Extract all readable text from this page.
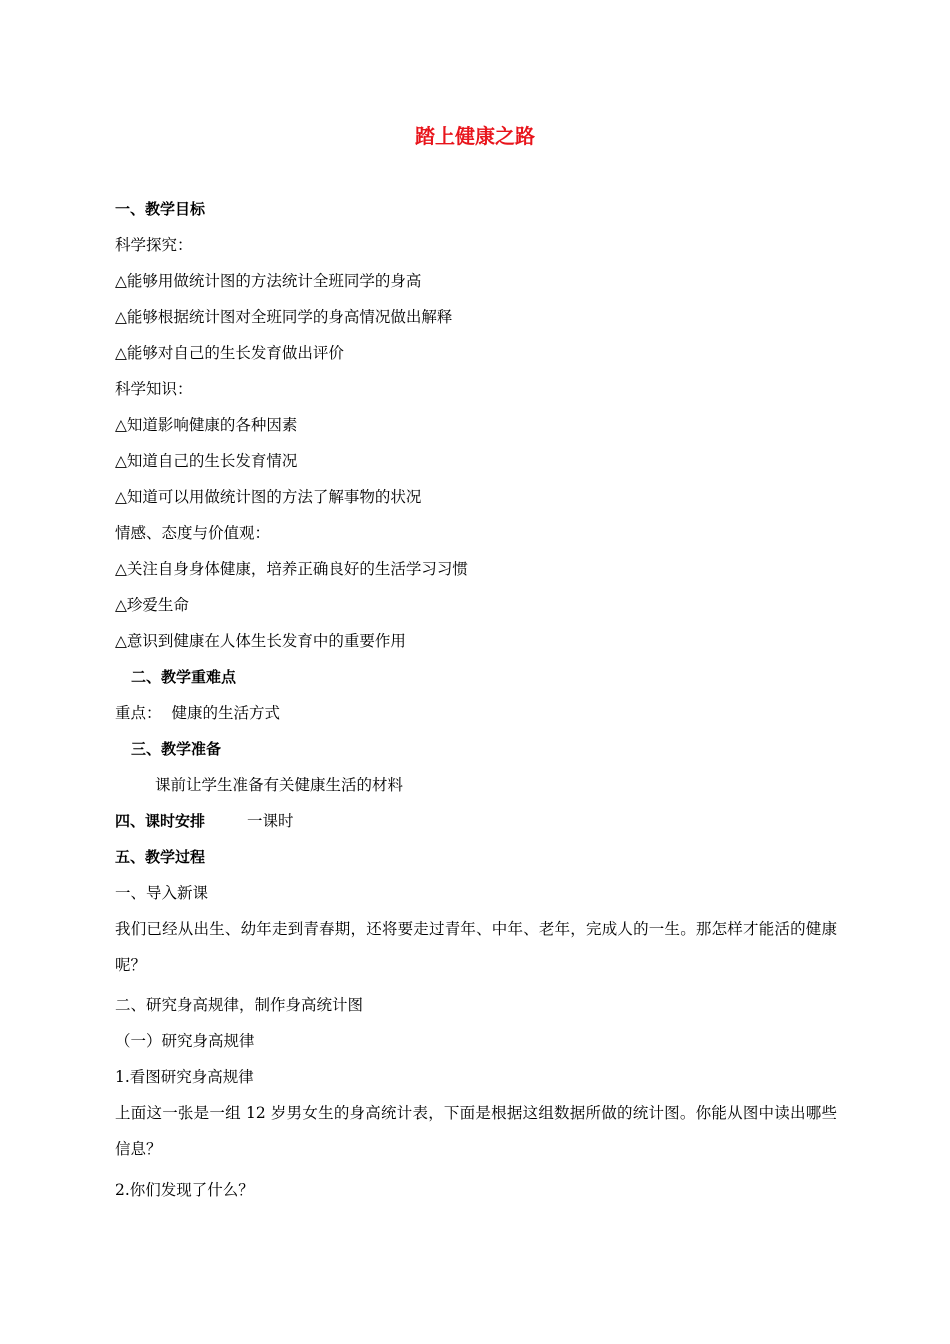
踏上健康之路
一、教学目标
科学探究：
△能够用做统计图的方法统计全班同学的身高
△能够根据统计图对全班同学的身高情况做出解释
△能够对自己的生长发育做出评价
科学知识：
△知道影响健康的各种因素
△知道自己的生长发育情况
△知道可以用做统计图的方法了解事物的状况
情感、态度与价值观：
△关注自身身体健康，培养正确良好的生活学习习惯
△珍爱生命
△意识到健康在人体生长发育中的重要作用
二、教学重难点
重点： 健康的生活方式
三、教学准备
课前让学生准备有关健康生活的材料
四、课时安排	一课时
五、教学过程
一、导入新课
我们已经从出生、幼年走到青春期，还将要走过青年、中年、老年，完成人的一生。那怎样才能活的健康呢？
二、研究身高规律，制作身高统计图
（一）研究身高规律
1.看图研究身高规律
上面这一张是一组 12 岁男女生的身高统计表，下面是根据这组数据所做的统计图。你能从图中读出哪些信息？
2.你们发现了什么？
